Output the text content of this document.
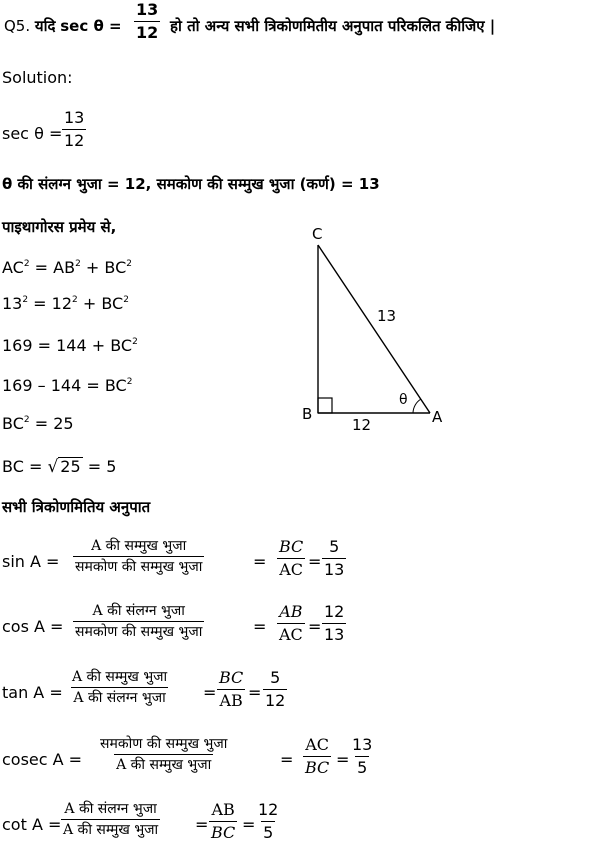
Q5. यदि $\sec \theta = \frac{13}{12}$ हो तो अन्य सभी त्रिकोणमितीय अनुपात परिकलित कीजिए |
Solution:
$\sec \theta = \frac{13}{12}$
θ की संलग्न भुजा = 12, समकोण की सम्मुख भुजा (कर्ण) = 13
पाइथागोरस प्रमेय से,
$AC^2 = AB^2 + BC^2$
$13^2 = 12^2 + BC^2$
$169 = 144 + BC^2$
$169 - 144 = BC^2$
$BC^2 = 25$
BC = √ 25 = 5
C
B	A
13
12
θ
सभी त्रिकोणमितिय अनुपात
sin A =
A की सम्मुख भुजा
समकोण की सम्मुख भुजा	= $\frac{BC}{AC} = \frac{5}{13}$
cos A =
A की संलग्न भुजा
समकोण की सम्मुख भुजा	= $\frac{AB}{AC} = \frac{12}{13}$
tan A =
A की सम्मुख भुजा
A की संलग्न भुजा = $\frac{BC}{AB} = \frac{5}{12}$
cosec A =
समकोण की सम्मुख भुजा
A की सम्मुख भुजा	= $\frac{AC}{BC} = \frac{13}{5}$
cot A =
A की संलग्न भुजा
A की सम्मुख भुजा = $\frac{AB}{BC} = \frac{12}{5}$
